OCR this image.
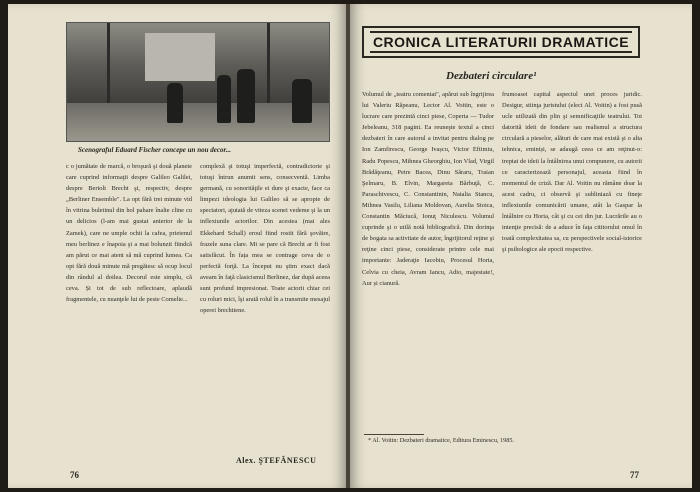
Scenograful Eduard Fischer concepe un nou decor...
c o jumătate de marcă, o broşură şi două planete care cuprind informaţii despre Galileo Galilei, despre Bertolt Brecht şi, respectiv, despre „Berliner Ensemble". La opt fără trei minute vid în vitrina buletinul din hol pahare înalte cline cu un delicios (l-am mai gustat anterior de la Zamek), care ne umple ochii la cafea, prietenul meu berlinez e înapoia şi a mai bolunzit fiindcă am părut ce mai atent să mă cuprind lumea. Ca opt fără două minute mă pregătesc să ocup locul din rândul al doilea. Decorul este simplu, că ceva. Și tot de sub reflectoare, aplaudă fragmentele, cu nuanţele lui de peste Comelie...
complexă şi totuşi imperfectă, contradictorie şi totuşi întrun anumit sens, consecventă. Limba germană, cu sonorităţile ei dure şi exacte, face ca limpezi ideologia lui Galileo să se apropie de spectatori, ajutată de viteza scenei vedeme şi la un inflexiunile actorilor. Din acestea (mai ales Ekkehard Schall) eroul fiind rostit fără şovăire, frazele suna clare. Mi se pare că Brecht ar fi fost satisfăcut. În fața mea se contrage ceva de o perfectă forţă. La început nu ştim exact dacă aveam în faţă clasicismul Berlinez, dar după aceea sunt profund impresionat. Toate actorii chiar cei cu roluri mici, îşi arată rolul în a transmite mesajul operei brechtiene.
Alex. ŞTEFĂNESCU
76
CRONICA LITERATURII DRAMATICE
Dezbateri circulare¹
Volumul de „teatru comentat", apărut sub îngrijirea lui Valeriu Răpeanu, Lector Al. Voitin, este o lucrare care prezintă cinci piese, Coperta — Tudor Jebeleanu, 318 pagini. Ea reuneşte textul a cinci dezbateri în care autorul a invitat pentru dialog pe Ion Zamfirescu, George Ivașcu, Victor Eftimiu, Radu Popescu, Mihnea Gheorghiu, Ion Vlad, Virgil Brădăţeanu, Petre Bacea, Dinu Săraru, Traian Şelmaru, B. Elvin, Margareta Bărbuţă, C. Paraschivescu, C. Constantinin, Natalia Stancu, Mihnea Vasilu, Liliana Moldovan, Aurelia Stoica, Constantin Măciucă, Ionuţ Niculescu. Volumul cuprinde şi o utilă notă bibliografică. Din dorinţa de bogata sa activitate de autor, îngrijitorul reţine şi reţine cinci piese, considerate printre cele mai importante: Jaderaţie Iacobiu, Procesul Horia, Celvia cu cheia, Avram Iancu, Adio, majestate!, Aur și cianură.
frumoasei capital aspectul unei proces juridic. Desigur, stiinţa juristului (elect Al. Voitin) a fost pusă ucle utilizată din plin şi semnificaţiile teatrului. Tot datorită ideii de fondare sau realismul a structura circulară a pieselor, alături de care mai există şi o alta tehnica, eminiși, se adaugă ceea ce am reţinut-o: treptat de ideii la întâlnirea unui compunere, cu autorii ce caracterizează personajul, aceasta fiind în momentul de criză. Dar Al. Voitin nu rămâne doar la acest cadru, ci observă şi subliniază cu fineţe inflexiunile comunicării umane, atât la Gaspar la întâlnire cu Horia, cât şi cu cei din jur. Lucrările au o intenţie precisă: de a aduce în faţa cititorului omul în toată complexitatea sa, cu perspectivele social-istorice şi psihologice ale epocii respective.
* Al. Voitin: Dezbateri dramatice, Editura Eminescu, 1985.
77
